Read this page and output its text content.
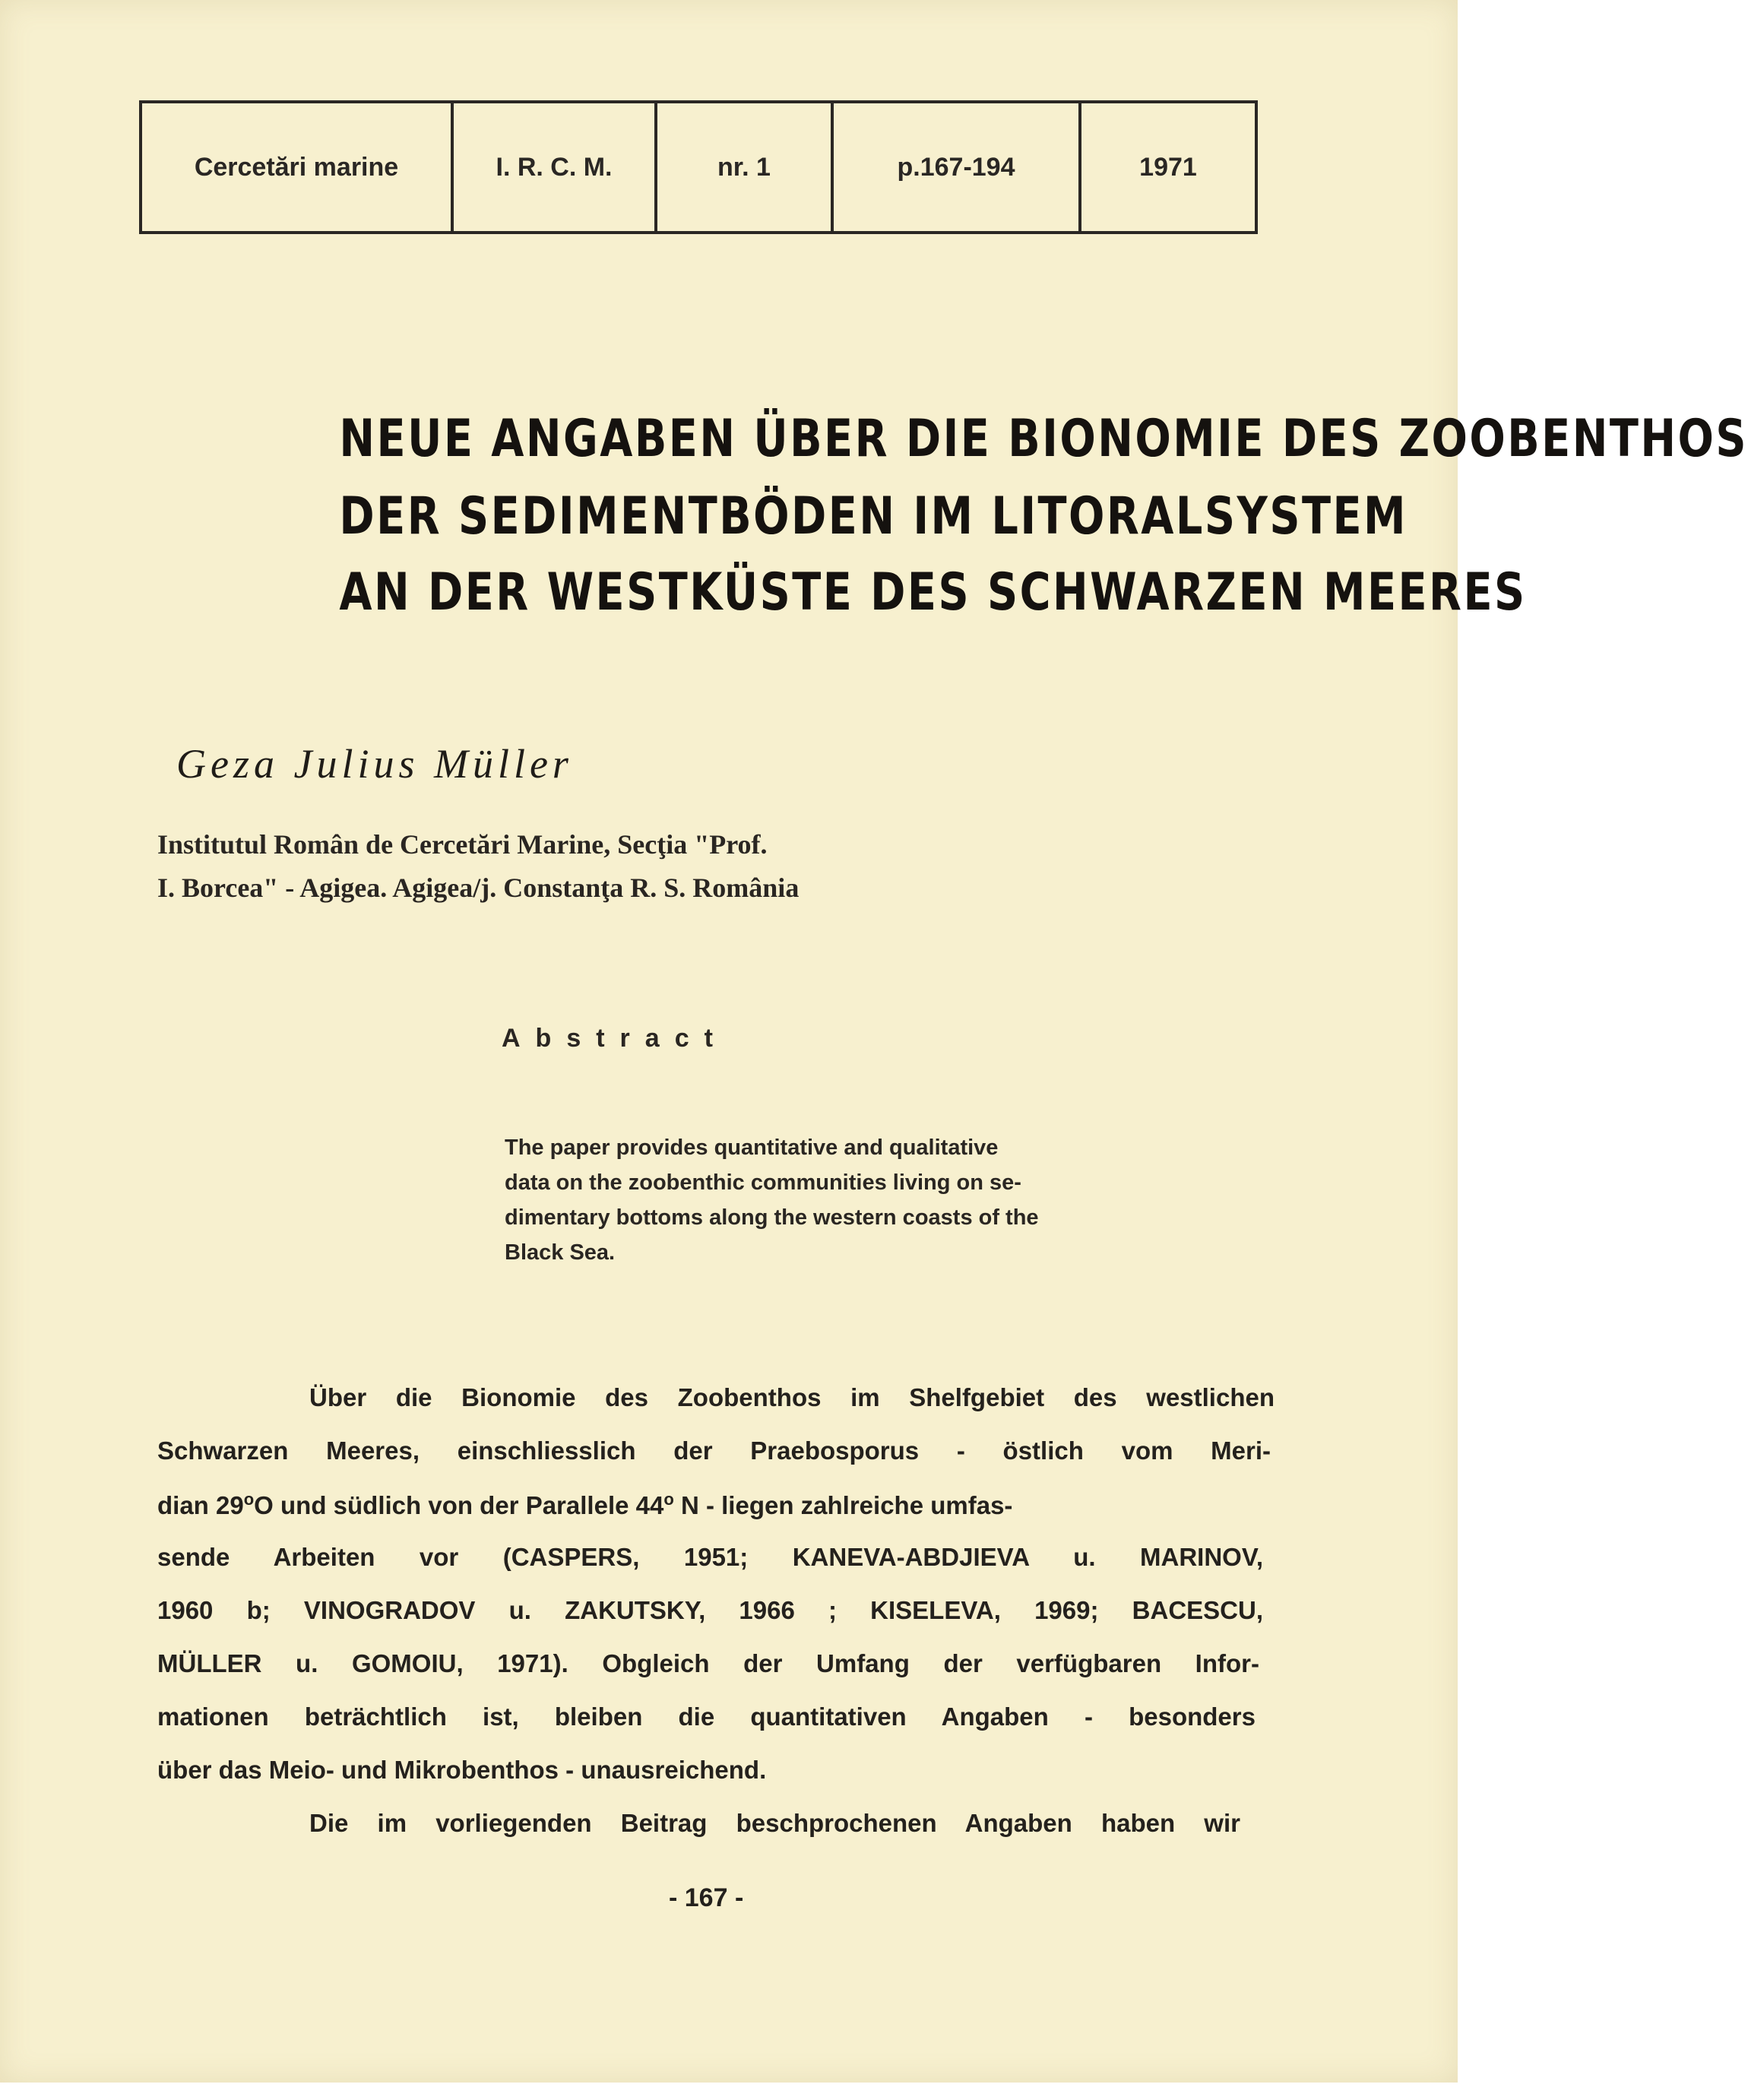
Cercetări marine	I. R. C. M.	nr. 1	p.167-194	1971
NEUE ANGABEN ÜBER DIE BIONOMIE DES ZOOBENTHOS
DER SEDIMENTBÖDEN IM LITORALSYSTEM
AN DER WESTKÜSTE DES SCHWARZEN MEERES
Geza Julius Müller
Institutul Român de Cercetări Marine, Secţia "Prof.
I. Borcea" - Agigea. Agigea/j. Constanţa R. S. România
Abstract
The paper provides quantitative and qualitative
data on the zoobenthic communities living on se-
dimentary bottoms along the western coasts of the
Black Sea.
Über die Bionomie des Zoobenthos im Shelfgebiet des westlichen
Schwarzen Meeres, einschliesslich der Praebosporus - östlich vom Meri-
dian 29$^o$O und südlich von der Parallele 44$^o$ N - liegen zahlreiche umfas-
sende Arbeiten vor (CASPERS, 1951; KANEVA-ABDJIEVA u. MARINOV,
1960 b; VINOGRADOV u. ZAKUTSKY, 1966 ; KISELEVA, 1969; BACESCU,
MÜLLER u. GOMOIU, 1971). Obgleich der Umfang der verfügbaren Infor-
mationen beträchtlich ist, bleiben die quantitativen Angaben - besonders
über das Meio- und Mikrobenthos - unausreichend.
Die im vorliegenden Beitrag beschprochenen Angaben haben wir
- 167 -
